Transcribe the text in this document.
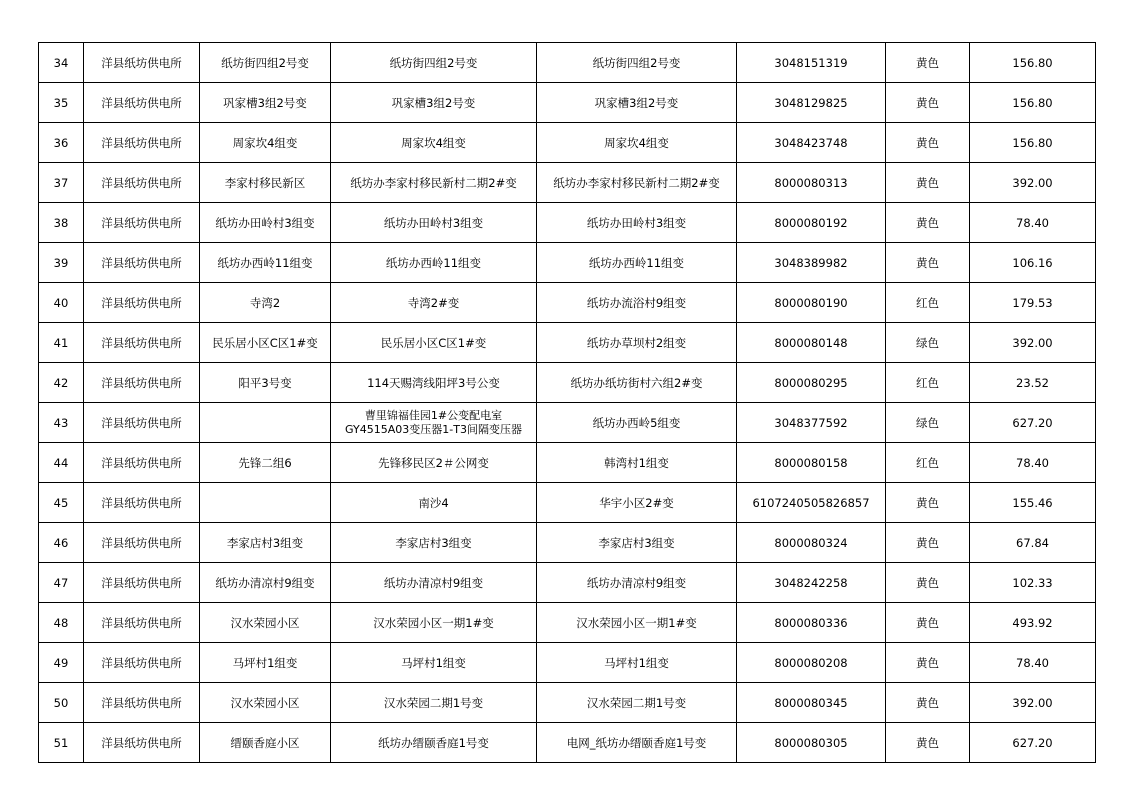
34	洋县纸坊供电所	纸坊街四组2号变	纸坊街四组2号变	纸坊街四组2号变	3048151319	黄色	156.80
35	洋县纸坊供电所	巩家槽3组2号变	巩家槽3组2号变	巩家槽3组2号变	3048129825	黄色	156.80
36	洋县纸坊供电所	周家坎4组变	周家坎4组变	周家坎4组变	3048423748	黄色	156.80
37	洋县纸坊供电所	李家村移民新区	纸坊办李家村移民新村二期2#变	纸坊办李家村移民新村二期2#变	8000080313	黄色	392.00
38	洋县纸坊供电所	纸坊办田岭村3组变	纸坊办田岭村3组变	纸坊办田岭村3组变	8000080192	黄色	78.40
39	洋县纸坊供电所	纸坊办西岭11组变	纸坊办西岭11组变	纸坊办西岭11组变	3048389982	黄色	106.16
40	洋县纸坊供电所	寺湾2	寺湾2#变	纸坊办流浴村9组变	8000080190	红色	179.53
41	洋县纸坊供电所	民乐居小区C区1#变	民乐居小区C区1#变	纸坊办草坝村2组变	8000080148	绿色	392.00
42	洋县纸坊供电所	阳平3号变	114天赐湾线阳坪3号公变	纸坊办纸坊街村六组2#变	8000080295	红色	23.52
43	洋县纸坊供电所		曹里锦福佳园1#公变配电室GY4515A03变压器1-T3间隔变压器	纸坊办西岭5组变	3048377592	绿色	627.20
44	洋县纸坊供电所	先锋二组6	先锋移民区2＃公网变	韩湾村1组变	8000080158	红色	78.40
45	洋县纸坊供电所		南沙4	华宇小区2#变	6107240505826857	黄色	155.46
46	洋县纸坊供电所	李家店村3组变	李家店村3组变	李家店村3组变	8000080324	黄色	67.84
47	洋县纸坊供电所	纸坊办清凉村9组变	纸坊办清凉村9组变	纸坊办清凉村9组变	3048242258	黄色	102.33
48	洋县纸坊供电所	汉水荣园小区	汉水荣园小区一期1#变	汉水荣园小区一期1#变	8000080336	黄色	493.92
49	洋县纸坊供电所	马坪村1组变	马坪村1组变	马坪村1组变	8000080208	黄色	78.40
50	洋县纸坊供电所	汉水荣园小区	汉水荣园二期1号变	汉水荣园二期1号变	8000080345	黄色	392.00
51	洋县纸坊供电所	缙颐香庭小区	纸坊办缙颐香庭1号变	电网_纸坊办缙颐香庭1号变	8000080305	黄色	627.20
